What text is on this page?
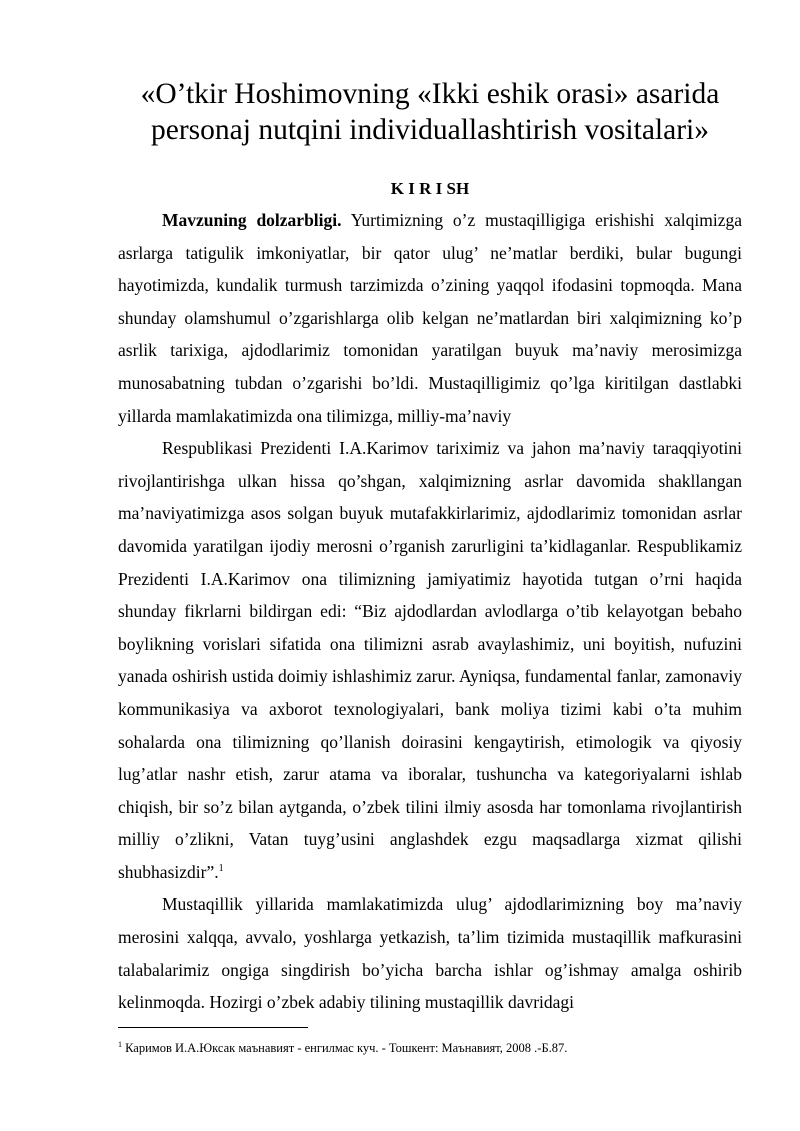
«O’tkir Hoshimovning «Ikki eshik orasi» asarida
personaj nutqini individuallashtirish vositalari»
K I R I SH

Mavzuning dolzarbligi. Yurtimizning o’z mustaqilligiga erishishi xalqimizga asrlarga tatigulik imkoniyatlar, bir qator ulug’ ne’matlar berdiki, bular bugungi hayotimizda, kundalik turmush tarzimizda o’zining yaqqol ifodasini topmoqda. Mana shunday olamshumul o’zgarishlarga olib kelgan ne’matlardan biri xalqimizning ko’p asrlik tarixiga, ajdodlarimiz tomonidan yaratilgan buyuk ma’naviy merosimizga munosabatning tubdan o’zgarishi bo’ldi. Mustaqilligimiz qo’lga kiritilgan dastlabki yillarda mamlakatimizda ona tilimizga, milliy-ma’naviy

Respublikasi Prezidenti I.A.Karimov tariximiz va jahon ma’naviy taraqqiyotini rivojlantirishga ulkan hissa qo’shgan, xalqimizning asrlar davomida shakllangan ma’naviyatimizga asos solgan buyuk mutafakkirlarimiz, ajdodlarimiz tomonidan asrlar davomida yaratilgan ijodiy merosni o’rganish zarurligini ta’kidlaganlar. Respublikamiz Prezidenti I.A.Karimov ona tilimizning jamiyatimiz hayotida tutgan o’rni haqida shunday fikrlarni bildirgan edi: “Biz ajdodlardan avlodlarga o’tib kelayotgan bebaho boylikning vorislari sifatida ona tilimizni asrab avaylashimiz, uni boyitish, nufuzini yanada oshirish ustida doimiy ishlashimiz zarur. Ayniqsa, fundamental fanlar, zamonaviy kommunikasiya va axborot texnologiyalari, bank moliya tizimi kabi o’ta muhim sohalarda ona tilimizning qo’llanish doirasini kengaytirish, etimologik va qiyosiy lug’atlar nashr etish, zarur atama va iboralar, tushuncha va kategoriyalarni ishlab chiqish, bir so’z bilan aytganda, o’zbek tilini ilmiy asosda har tomonlama rivojlantirish milliy o’zlikni, Vatan tuyg’usini anglashdek ezgu maqsadlarga xizmat qilishi shubhasizdir”.$^1$

Mustaqillik yillarida mamlakatimizda ulug’ ajdodlarimizning boy ma’naviy merosini xalqqa, avvalo, yoshlarga yetkazish, ta’lim tizimida mustaqillik mafkurasini talabalarimiz ongiga singdirish bo’yicha barcha ishlar og’ishmay amalga oshirib kelinmoqda. Hozirgi o’zbek adabiy tilining mustaqillik davridagi

$^1$ Каримов И.А.Юксак маънавият - енгилмас куч. - Тошкент: Маънавият, 2008 .-Б.87.
